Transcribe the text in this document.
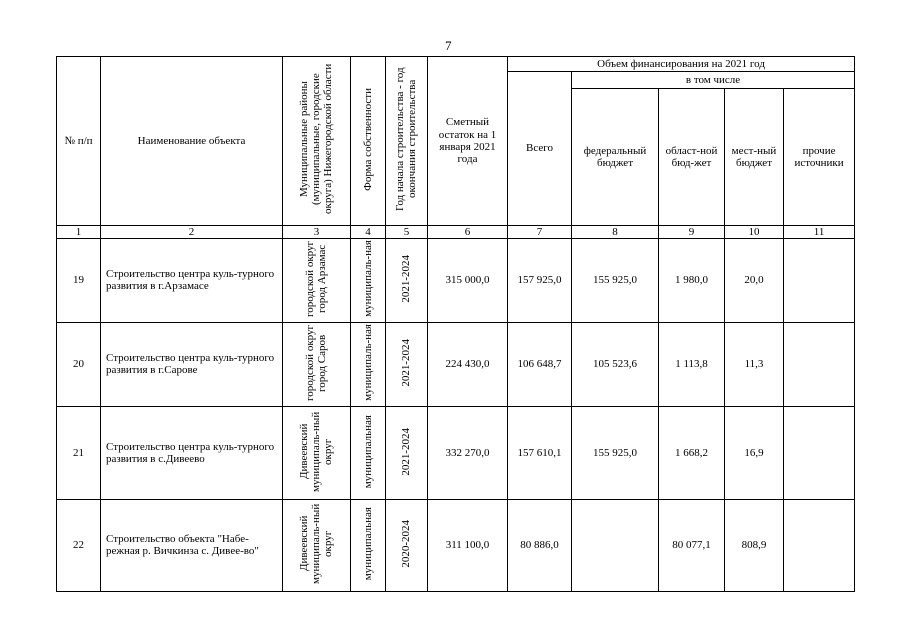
7
№ п/п	Наименование объекта	Муниципальные районы (муниципальные, городские округа) Нижегородской области	Форма собственности	Год начала строительства - год окончания строительства	Сметный остаток на 1 января 2021 года	Объем финансирования на 2021 год				
						Всего	в том числе			
							федеральный бюджет	област-ной бюд-жет	мест-ный бюджет	прочие источники
1	2	3	4	5	6	7	8	9	10	11
19	Строительство центра куль-турного развития в г.Арзамасе	городской округ город Арзамас	муниципаль-ная	2021-2024	315 000,0	157 925,0	155 925,0	1 980,0	20,0	
20	Строительство центра куль-турного развития в г.Сарове	городской округ город Саров	муниципаль-ная	2021-2024	224 430,0	106 648,7	105 523,6	1 113,8	11,3	
21	Строительство центра куль-турного развития в с.Дивеево	Дивеевский муниципаль-ный округ	муниципальная	2021-2024	332 270,0	157 610,1	155 925,0	1 668,2	16,9	
22	Строительство объекта "Набе-режная р. Вичкинза с. Дивее-во"	Дивеевский муниципаль-ный округ	муниципальная	2020-2024	311 100,0	80 886,0		80 077,1	808,9	
